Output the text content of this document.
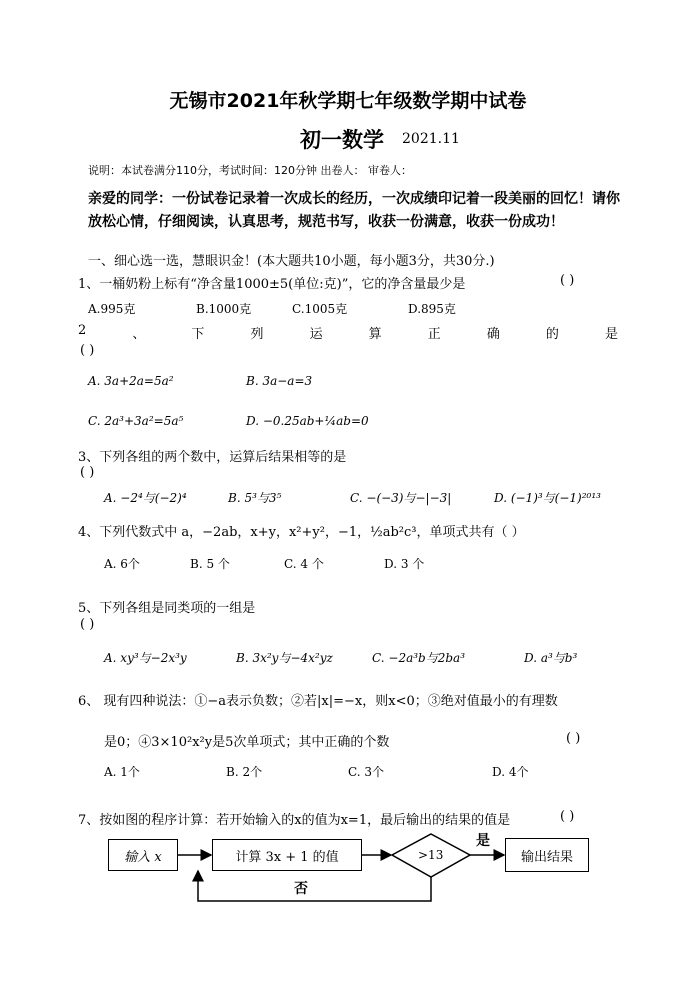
无锡市2021年秋学期七年级数学期中试卷
初一数学 2021.11
说明：本试卷满分110分，考试时间：120分钟 出卷人： 审卷人：
亲爱的同学：一份试卷记录着一次成长的经历，一次成绩印记着一段美丽的回忆！请你
放松心情，仔细阅读，认真思考，规范书写，收获一份满意，收获一份成功！
一、细心选一选，慧眼识金！(本大题共10小题，每小题3分，共30分.)
1、一桶奶粉上标有“净含量1000±5(单位:克)”，它的净含量最少是	( )
A.995克	B.1000克	C.1005克	D.895克
2	、	下	列	运	算	正	确	的	是
( )
A. 3a+2a=5a²	B. 3a−a=3
C. 2a³+3a²=5a⁵	D. −0.25ab+¼ab=0
3、下列各组的两个数中，运算后结果相等的是
( )
A. −2⁴与(−2)⁴	B. 5³与3⁵	C. −(−3)与−|−3|	D. (−1)³与(−1)²⁰¹³
4、下列代数式中 a，−2ab，x+y，x²+y²，−1，½ab²c³，单项式共有（ ）
A. 6个	B. 5 个	C. 4 个	D. 3 个
5、下列各组是同类项的一组是
( )
A. xy³与−2x³y	B. 3x²y与−4x²yz	C. −2a³b与2ba³	D. a³与b³
6、 现有四种说法：①−a表示负数；②若|x|=−x，则x<0；③绝对值最小的有理数
是0；④3×10²x²y是5次单项式；其中正确的个数	( )
A. 1个	B. 2个	C. 3个	D. 4个
7、按如图的程序计算：若开始输入的x的值为x=1，最后输出的结果的值是	( )
输入 x	计算 3x + 1 的值	>13	输出结果
是
否
